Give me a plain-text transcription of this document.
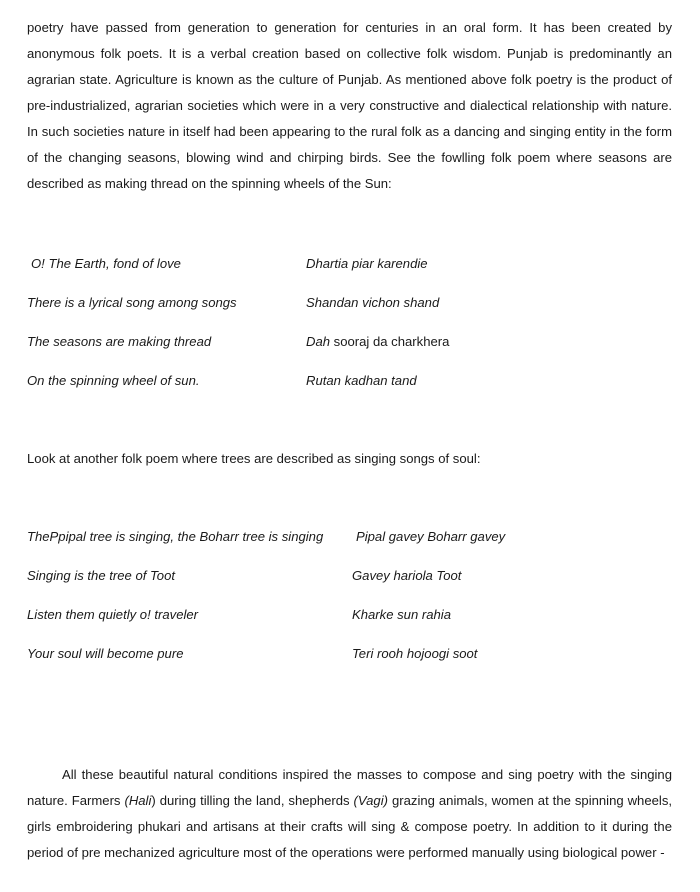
poetry have passed from generation to generation for centuries in an oral form. It has been created by anonymous folk poets. It is a verbal creation based on collective folk wisdom. Punjab is predominantly an agrarian state. Agriculture is known as the culture of Punjab. As mentioned above folk poetry is the product of pre-industrialized, agrarian societies which were in a very constructive and dialectical relationship with nature. In such societies nature in itself had been appearing to the rural folk as a dancing and singing entity in the form of the changing seasons, blowing wind and chirping birds. See the fowlling folk poem where seasons are described as making thread on the spinning wheels of the Sun:

O! The Earth, fond of love	Dhartia piar karendie
There is a lyrical song among songs	Shandan vichon shand
The seasons are making thread	Dah sooraj da charkhera
On the spinning wheel of sun.	Rutan kadhan tand

Look at another folk poem where trees are described as singing songs of soul:

ThePpipal tree is singing, the Boharr tree is singing	Pipal gavey Boharr gavey
Singing is the tree of Toot	Gavey hariola Toot
Listen them quietly o! traveler	Kharke sun rahia
Your soul will become pure	Teri rooh hojoogi soot

All these beautiful natural conditions inspired the masses to compose and sing poetry with the singing nature. Farmers (Hali) during tilling the land, shepherds (Vagi) grazing animals, women at the spinning wheels, girls embroidering phukari and artisans at their crafts will sing & compose poetry. In addition to it during the period of pre mechanized agriculture most of the operations were performed manually using biological power -
